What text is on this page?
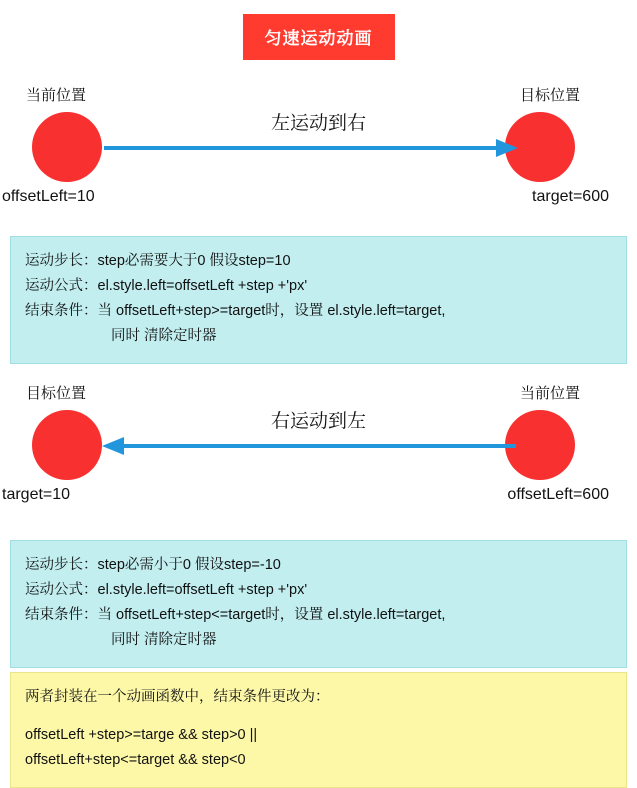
匀速运动动画
当前位置	目标位置
左运动到右
offsetLeft=10	target=600
运动步长： step必需要大于0 假设step=10
运动公式： el.style.left=offsetLeft +step +'px'
结束条件： 当 offsetLeft+step>=target时，设置 el.style.left=target,
同时 清除定时器
目标位置	当前位置
右运动到左
target=10	offsetLeft=600
运动步长： step必需小于0 假设step=-10
运动公式： el.style.left=offsetLeft +step +'px'
结束条件： 当 offsetLeft+step<=target时，设置 el.style.left=target,
同时 清除定时器
两者封装在一个动画函数中，结束条件更改为：
offsetLeft +step>=targe && step>0 ||
offsetLeft+step<=target && step<0
